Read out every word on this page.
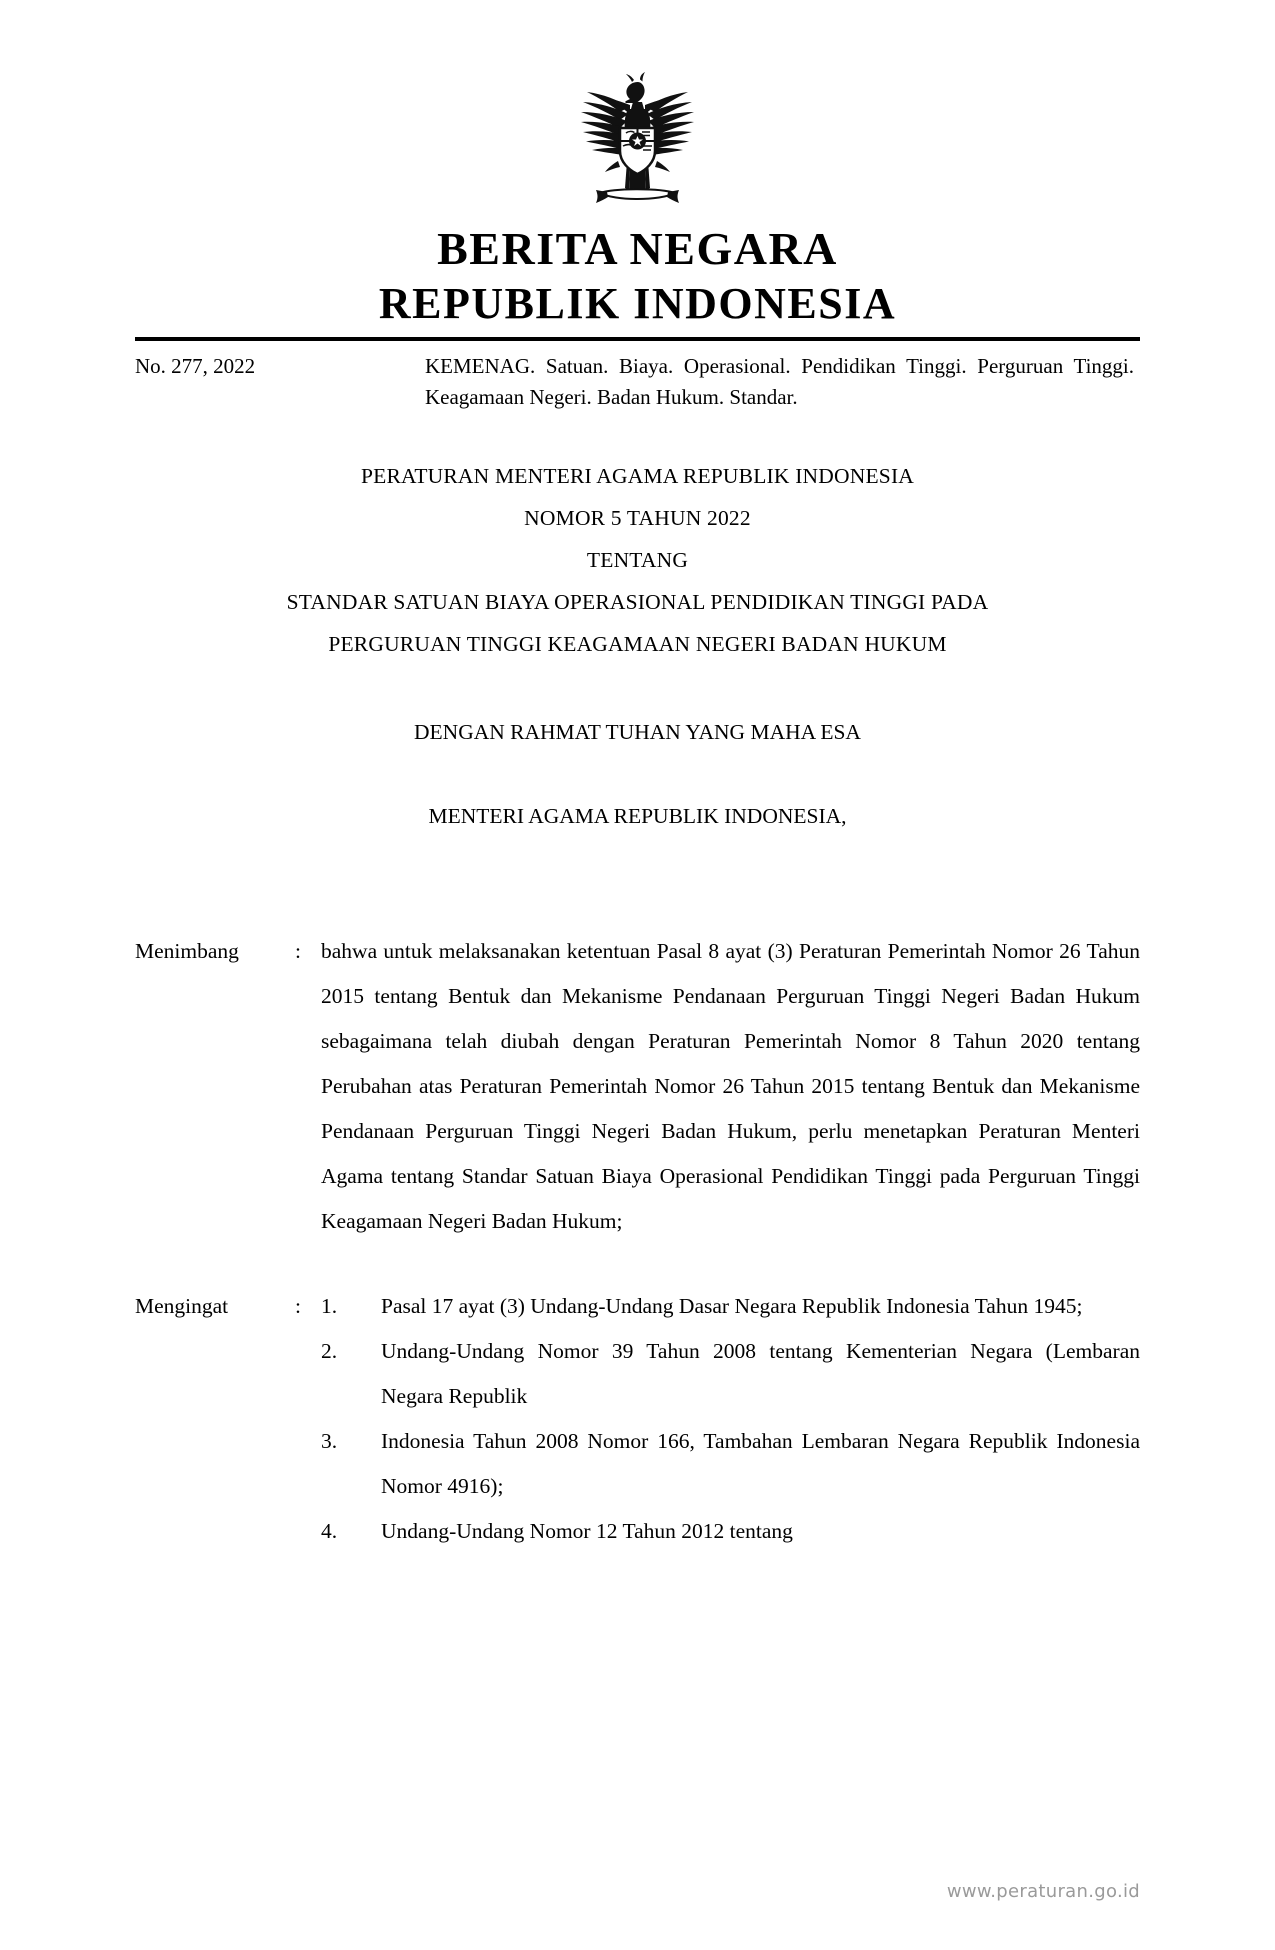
BERITA NEGARA
REPUBLIK INDONESIA
No. 277, 2022	KEMENAG. Satuan. Biaya. Operasional. Pendidikan Tinggi. Perguruan Tinggi. Keagamaan Negeri. Badan Hukum. Standar.
PERATURAN MENTERI AGAMA REPUBLIK INDONESIA
NOMOR 5 TAHUN 2022
TENTANG
STANDAR SATUAN BIAYA OPERASIONAL PENDIDIKAN TINGGI PADA
PERGURUAN TINGGI KEAGAMAAN NEGERI BADAN HUKUM
DENGAN RAHMAT TUHAN YANG MAHA ESA
MENTERI AGAMA REPUBLIK INDONESIA,
Menimbang	: bahwa untuk melaksanakan ketentuan Pasal 8 ayat (3) Peraturan Pemerintah Nomor 26 Tahun 2015 tentang Bentuk dan Mekanisme Pendanaan Perguruan Tinggi Negeri Badan Hukum sebagaimana telah diubah dengan Peraturan Pemerintah Nomor 8 Tahun 2020 tentang Perubahan atas Peraturan Pemerintah Nomor 26 Tahun 2015 tentang Bentuk dan Mekanisme Pendanaan Perguruan Tinggi Negeri Badan Hukum, perlu menetapkan Peraturan Menteri Agama tentang Standar Satuan Biaya Operasional Pendidikan Tinggi pada Perguruan Tinggi Keagamaan Negeri Badan Hukum;
Mengingat	: 1.	Pasal 17 ayat (3) Undang-Undang Dasar Negara Republik Indonesia Tahun 1945;
2.	Undang-Undang Nomor 39 Tahun 2008 tentang Kementerian Negara (Lembaran Negara Republik
3.	Indonesia Tahun 2008 Nomor 166, Tambahan Lembaran Negara Republik Indonesia Nomor 4916);
4.	Undang-Undang Nomor 12 Tahun 2012 tentang
www.peraturan.go.id
